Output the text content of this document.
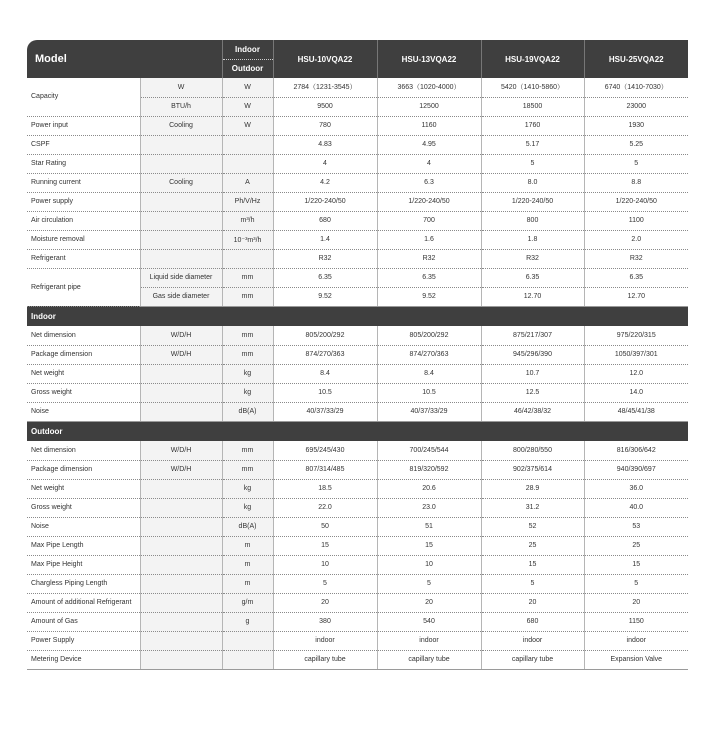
Model		Indoor	HSU-10VQA22	HSU-13VQA22	HSU-19VQA22	HSU-25VQA22
		Outdoor				
Capacity	W	W	2784（1231-3545）	3663（1020-4000）	5420（1410-5860）	6740（1410-7030）
	BTU/h	W	9500	12500	18500	23000
Power input	Cooling	W	780	1160	1760	1930
CSPF			4.83	4.95	5.17	5.25
Star Rating			4	4	5	5
Running current	Cooling	A	4.2	6.3	8.0	8.8
Power supply		Ph/V/Hz	1/220-240/50	1/220-240/50	1/220-240/50	1/220-240/50
Air circulation		m³/h	680	700	800	1100
Moisture removal		10⁻³m³/h	1.4	1.6	1.8	2.0
Refrigerant			R32	R32	R32	R32
Refrigerant pipe	Liquid side diameter	mm	6.35	6.35	6.35	6.35
	Gas side diameter	mm	9.52	9.52	12.70	12.70
Indoor						
Net dimension	W/D/H	mm	805/200/292	805/200/292	875/217/307	975/220/315
Package dimension	W/D/H	mm	874/270/363	874/270/363	945/296/390	1050/397/301
Net weight		kg	8.4	8.4	10.7	12.0
Gross weight		kg	10.5	10.5	12.5	14.0
Noise		dB(A)	40/37/33/29	40/37/33/29	46/42/38/32	48/45/41/38
Outdoor						
Net dimension	W/D/H	mm	695/245/430	700/245/544	800/280/550	816/306/642
Package dimension	W/D/H	mm	807/314/485	819/320/592	902/375/614	940/390/697
Net weight		kg	18.5	20.6	28.9	36.0
Gross weight		kg	22.0	23.0	31.2	40.0
Noise		dB(A)	50	51	52	53
Max Pipe Length		m	15	15	25	25
Max Pipe Height		m	10	10	15	15
Chargless Piping Length		m	5	5	5	5
Amount of additional Refrigerant		g/m	20	20	20	20
Amount of Gas		g	380	540	680	1150
Power Supply			indoor	indoor	indoor	indoor
Metering Device			capillary tube	capillary tube	capillary tube	Expansion Valve
